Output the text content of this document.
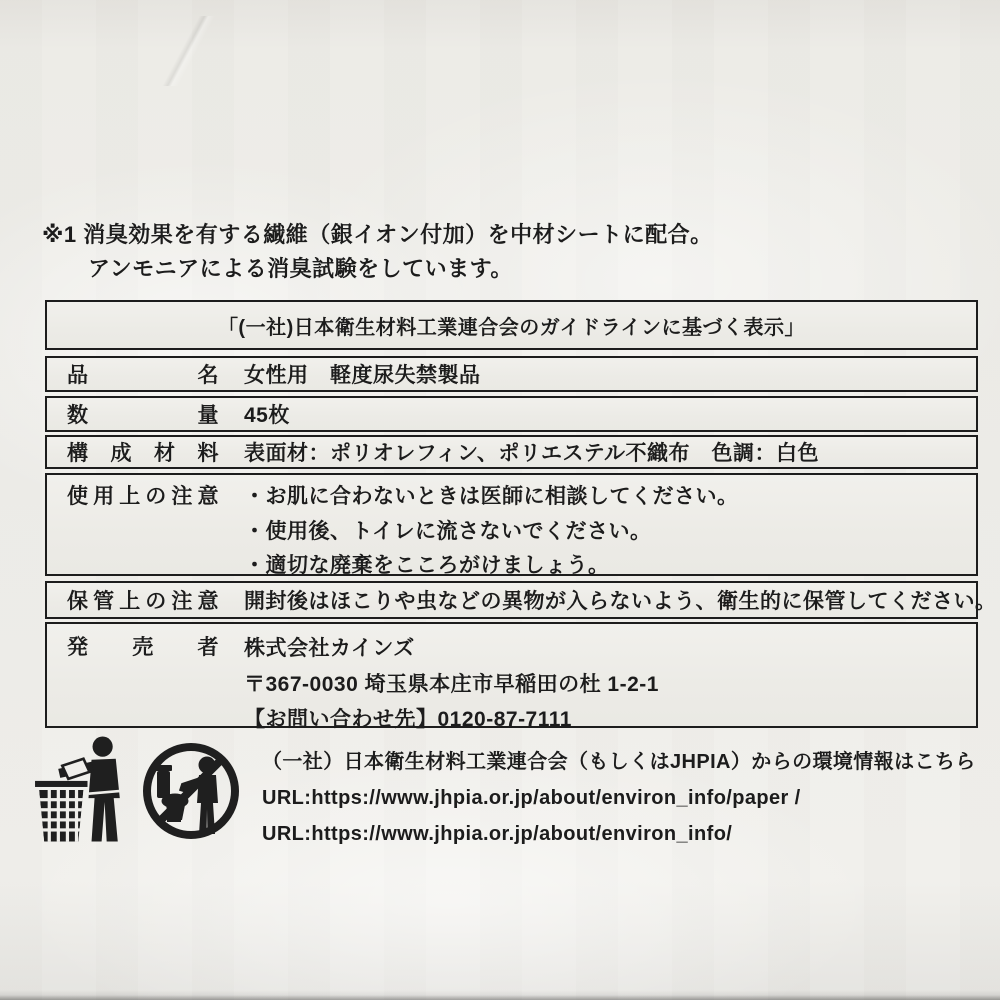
※1 消臭効果を有する繊維（銀イオン付加）を中材シートに配合。
アンモニアによる消臭試験をしています。
「(一社)日本衛生材料工業連合会のガイドラインに基づく表示」
品名 女性用　軽度尿失禁製品
数量 45枚
構成材料 表面材：ポリオレフィン、ポリエステル不織布　色調：白色
使用上の注意 ・お肌に合わないときは医師に相談してください。
・使用後、トイレに流さないでください。
・適切な廃棄をこころがけましょう。
保管上の注意 開封後はほこりや虫などの異物が入らないよう、衛生的に保管してください。
発売者 株式会社カインズ
〒367-0030 埼玉県本庄市早稲田の杜 1-2-1
【お問い合わせ先】0120-87-7111
（一社）日本衛生材料工業連合会（もしくはJHPIA）からの環境情報はこちら
URL:https://www.jhpia.or.jp/about/environ_info/paper /
URL:https://www.jhpia.or.jp/about/environ_info/
